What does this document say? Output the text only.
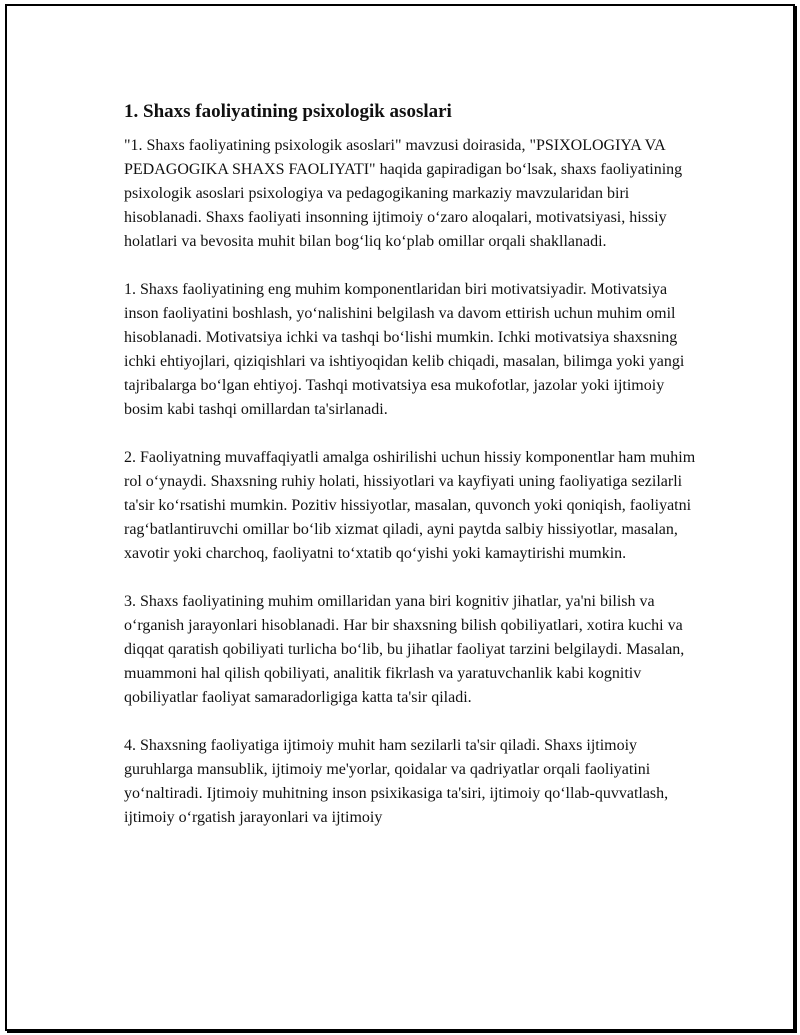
1. Shaxs faoliyatining psixologik asoslari

"1. Shaxs faoliyatining psixologik asoslari" mavzusi doirasida, "PSIXOLOGIYA VA PEDAGOGIKA SHAXS FAOLIYATI" haqida gapiradigan bo‘lsak, shaxs faoliyatining psixologik asoslari psixologiya va pedagogikaning markaziy mavzularidan biri hisoblanadi. Shaxs faoliyati insonning ijtimoiy o‘zaro aloqalari, motivatsiyasi, hissiy holatlari va bevosita muhit bilan bog‘liq ko‘plab omillar orqali shakllanadi.

1. Shaxs faoliyatining eng muhim komponentlaridan biri motivatsiyadir. Motivatsiya inson faoliyatini boshlash, yo‘nalishini belgilash va davom ettirish uchun muhim omil hisoblanadi. Motivatsiya ichki va tashqi bo‘lishi mumkin. Ichki motivatsiya shaxsning ichki ehtiyojlari, qiziqishlari va ishtiyoqidan kelib chiqadi, masalan, bilimga yoki yangi tajribalarga bo‘lgan ehtiyoj. Tashqi motivatsiya esa mukofotlar, jazolar yoki ijtimoiy bosim kabi tashqi omillardan ta'sirlanadi.

2. Faoliyatning muvaffaqiyatli amalga oshirilishi uchun hissiy komponentlar ham muhim rol o‘ynaydi. Shaxsning ruhiy holati, hissiyotlari va kayfiyati uning faoliyatiga sezilarli ta'sir ko‘rsatishi mumkin. Pozitiv hissiyotlar, masalan, quvonch yoki qoniqish, faoliyatni rag‘batlantiruvchi omillar bo‘lib xizmat qiladi, ayni paytda salbiy hissiyotlar, masalan, xavotir yoki charchoq, faoliyatni to‘xtatib qo‘yishi yoki kamaytirishi mumkin.

3. Shaxs faoliyatining muhim omillaridan yana biri kognitiv jihatlar, ya'ni bilish va o‘rganish jarayonlari hisoblanadi. Har bir shaxsning bilish qobiliyatlari, xotira kuchi va diqqat qaratish qobiliyati turlicha bo‘lib, bu jihatlar faoliyat tarzini belgilaydi. Masalan, muammoni hal qilish qobiliyati, analitik fikrlash va yaratuvchanlik kabi kognitiv qobiliyatlar faoliyat samaradorligiga katta ta'sir qiladi.

4. Shaxsning faoliyatiga ijtimoiy muhit ham sezilarli ta'sir qiladi. Shaxs ijtimoiy guruhlarga mansublik, ijtimoiy me'yorlar, qoidalar va qadriyatlar orqali faoliyatini yo‘naltiradi. Ijtimoiy muhitning inson psixikasiga ta'siri, ijtimoiy qo‘llab-quvvatlash, ijtimoiy o‘rgatish jarayonlari va ijtimoiy
